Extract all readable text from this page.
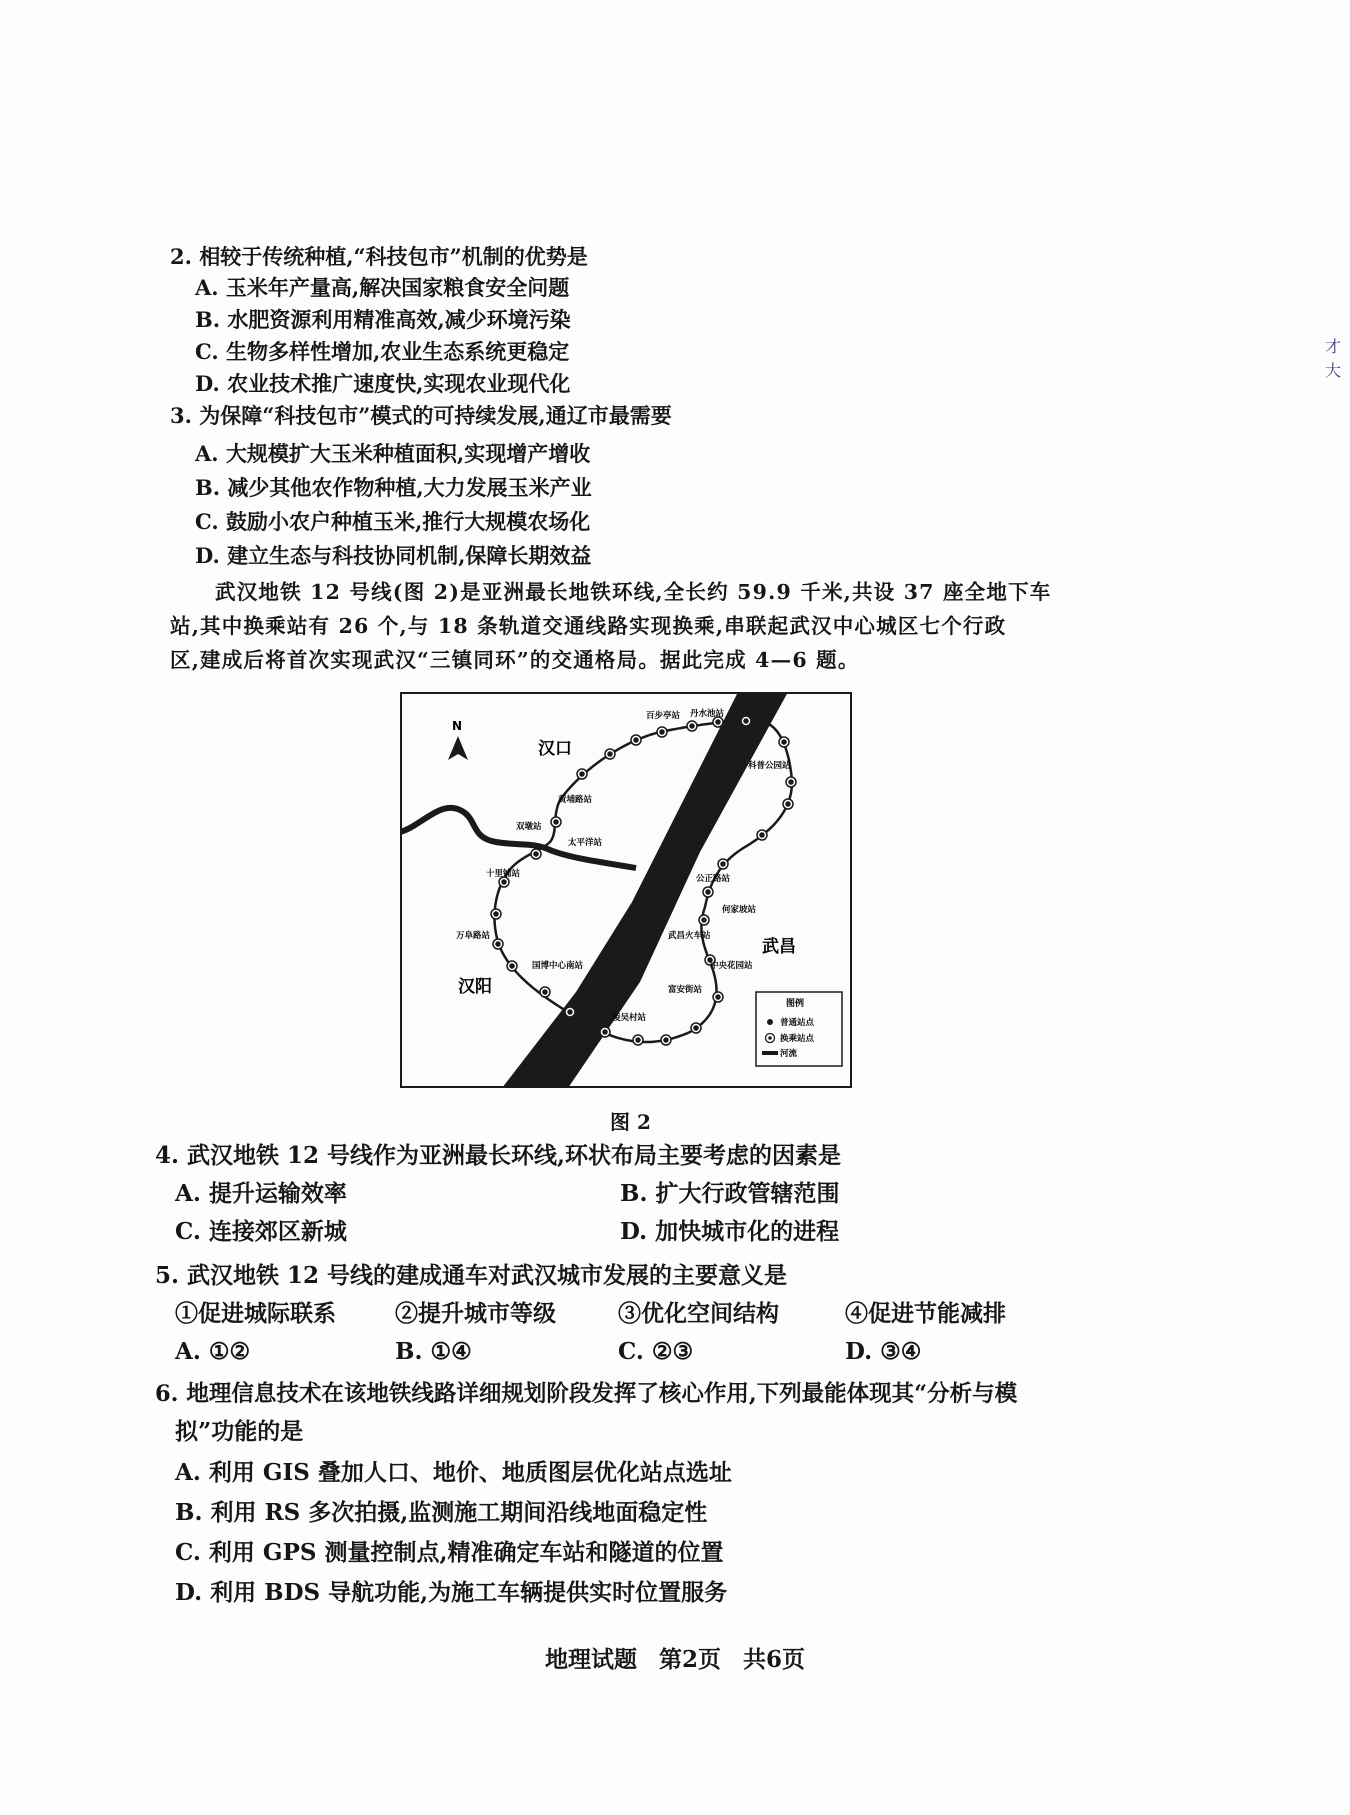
2. 相较于传统种植,“科技包市”机制的优势是
A. 玉米年产量高,解决国家粮食安全问题
B. 水肥资源利用精准高效,减少环境污染
C. 生物多样性增加,农业生态系统更稳定
D. 农业技术推广速度快,实现农业现代化
3. 为保障“科技包市”模式的可持续发展,通辽市最需要
A. 大规模扩大玉米种植面积,实现增产增收
B. 减少其他农作物种植,大力发展玉米产业
C. 鼓励小农户种植玉米,推行大规模农场化
D. 建立生态与科技协同机制,保障长期效益
武汉地铁 12 号线(图 2)是亚洲最长地铁环线,全长约 59.9 千米,共设 37 座全地下车
站,其中换乘站有 26 个,与 18 条轨道交通线路实现换乘,串联起武汉中心城区七个行政
区,建成后将首次实现武汉“三镇同环”的交通格局。据此完成 4—6 题。
N
汉口
汉阳
武昌
百步亭站 丹水池站
科普公园站
黄埔路站
双墩站
太平洋站
十里铺站	公正路站
何家坡站
万阜路站	武昌火车站
国博中心南站	中央花园站
富安街站
凌吴村站
图例
普通站点
换乘站点
河流
图 2
4. 武汉地铁 12 号线作为亚洲最长环线,环状布局主要考虑的因素是
A. 提升运输效率	B. 扩大行政管辖范围
C. 连接郊区新城	D. 加快城市化的进程
5. 武汉地铁 12 号线的建成通车对武汉城市发展的主要意义是
①促进城际联系	②提升城市等级	③优化空间结构	④促进节能减排
A. ①②	B. ①④	C. ②③	D. ③④
6. 地理信息技术在该地铁线路详细规划阶段发挥了核心作用,下列最能体现其“分析与模
拟”功能的是
A. 利用 GIS 叠加人口、地价、地质图层优化站点选址
B. 利用 RS 多次拍摄,监测施工期间沿线地面稳定性
C. 利用 GPS 测量控制点,精准确定车站和隧道的位置
D. 利用 BDS 导航功能,为施工车辆提供实时位置服务
地理试题 第2页 共6页
才
大
